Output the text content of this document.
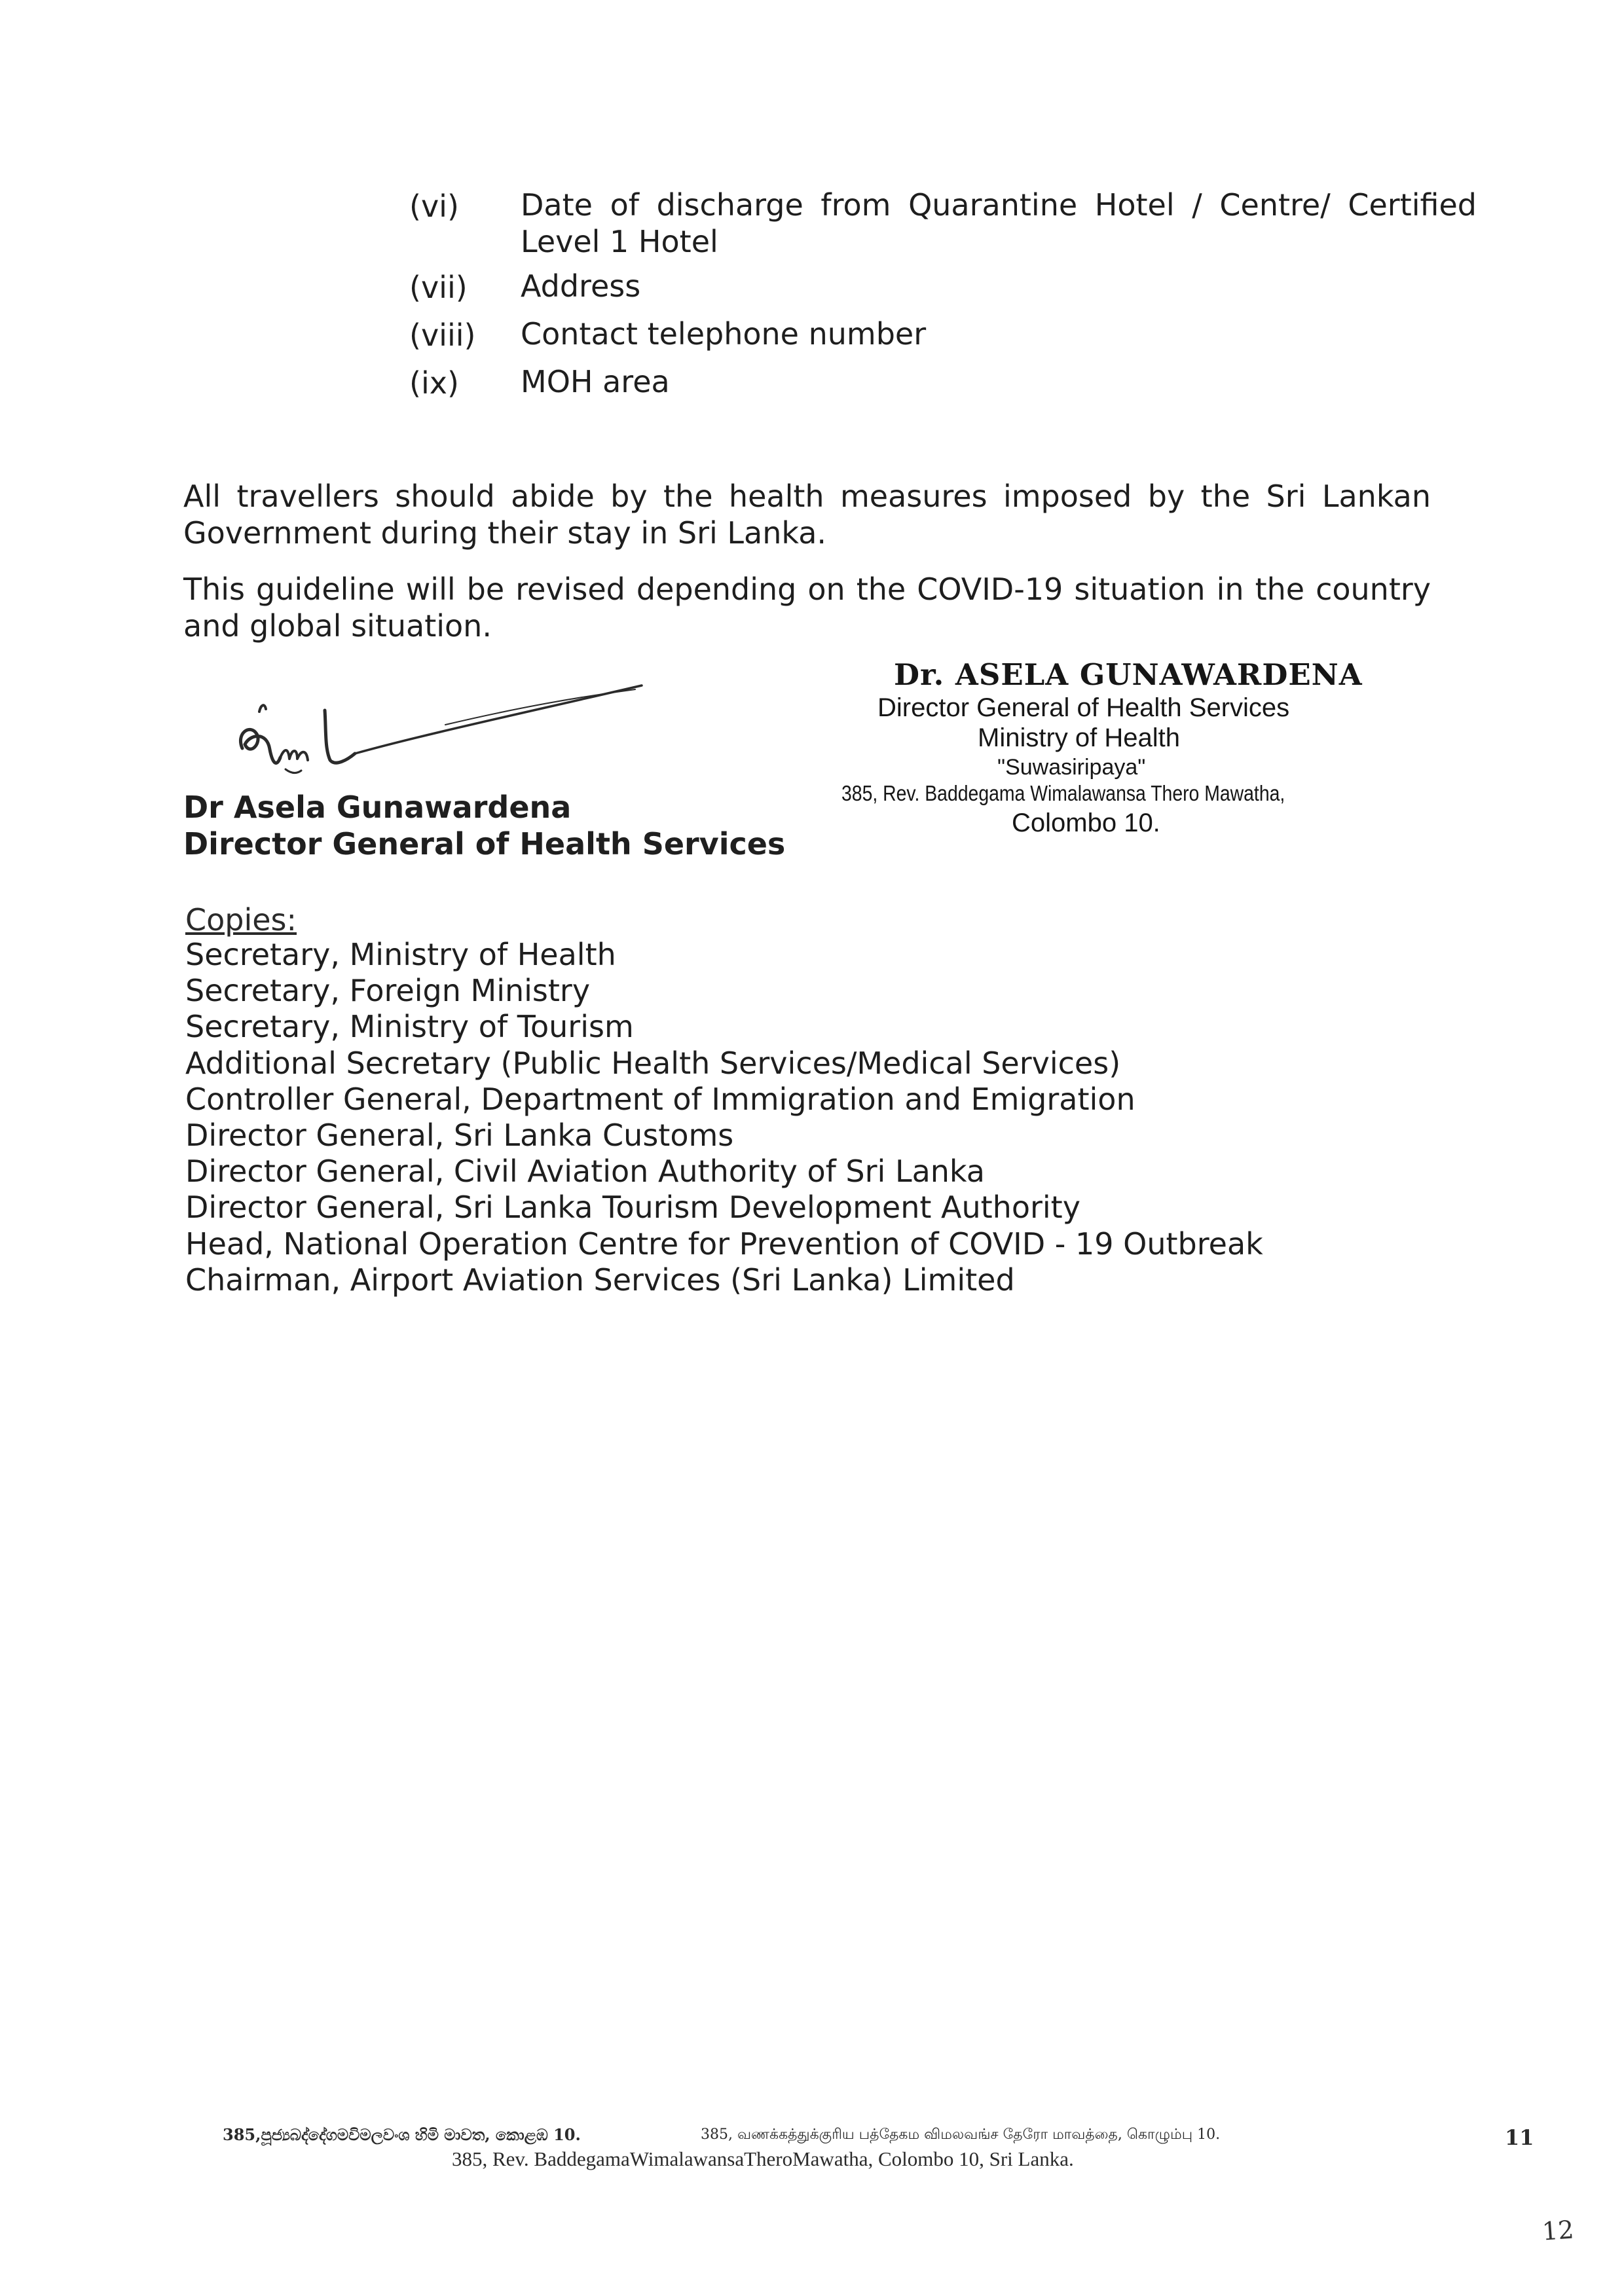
(vi) Date of discharge from Quarantine Hotel / Centre/ Certified Level 1 Hotel
(vii) Address
(viii) Contact telephone number
(ix) MOH area
All travellers should abide by the health measures imposed by the Sri Lankan Government during their stay in Sri Lanka.
This guideline will be revised depending on the COVID-19 situation in the country and global situation.
Dr Asela Gunawardena
Director General of Health Services
Dr. ASELA GUNAWARDENA
Director General of Health Services
Ministry of Health
"Suwasiripaya"
385, Rev. Baddegama Wimalawansa Thero Mawatha,
Colombo 10.
Copies:
Secretary, Ministry of Health
Secretary, Foreign Ministry
Secretary, Ministry of Tourism
Additional Secretary (Public Health Services/Medical Services)
Controller General, Department of Immigration and Emigration
Director General, Sri Lanka Customs
Director General, Civil Aviation Authority of Sri Lanka
Director General, Sri Lanka Tourism Development Authority
Head, National Operation Centre for Prevention of COVID - 19 Outbreak
Chairman, Airport Aviation Services (Sri Lanka) Limited
385,පූජ්‍යබද්දේගමවිමලවංශ හිමි මාවත, කොළඹ 10.	385, வணக்கத்துக்குரிய பத்தேகம விமலவங்ச தேரோ மாவத்தை, கொழும்பு 10.
385, Rev. BaddegamaWimalawansaTheroMawatha, Colombo 10, Sri Lanka.
11
12
